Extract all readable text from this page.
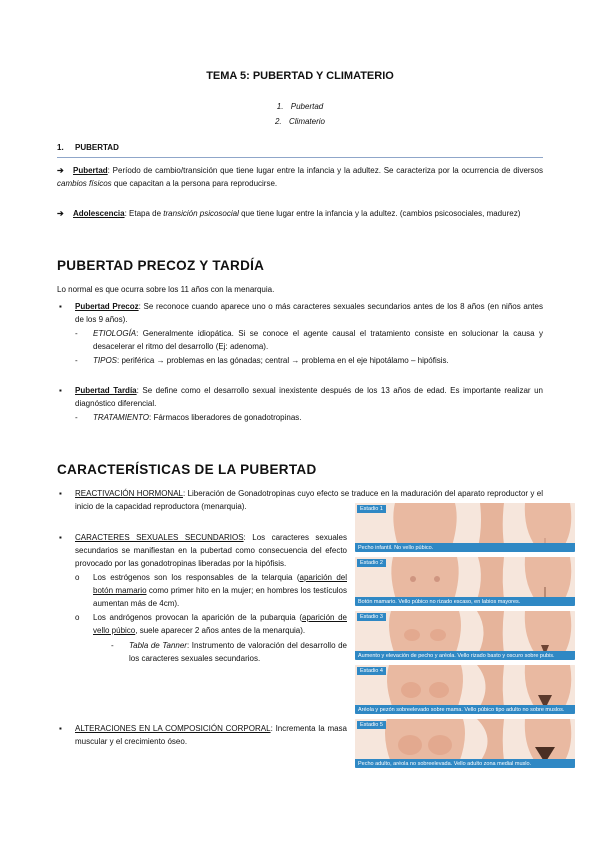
TEMA 5: PUBERTAD Y CLIMATERIO
1. Pubertad
2. Climaterio
1. PUBERTAD
➔ Pubertad: Período de cambio/transición que tiene lugar entre la infancia y la adultez. Se caracteriza por la ocurrencia de diversos cambios físicos que capacitan a la persona para reproducirse.
➔ Adolescencia: Etapa de transición psicosocial que tiene lugar entre la infancia y la adultez. (cambios psicosociales, madurez)
PUBERTAD PRECOZ Y TARDÍA
Lo normal es que ocurra sobre los 11 años con la menarquia.
▪ Pubertad Precoz: Se reconoce cuando aparece uno o más caracteres sexuales secundarios antes de los 8 años (en niños antes de los 9 años).
- ETIOLOGÍA: Generalmente idiopática. Si se conoce el agente causal el tratamiento consiste en solucionar la causa y desacelerar el ritmo del desarrollo (Ej: adenoma).
- TIPOS: periférica → problemas en las gónadas; central → problema en el eje hipotálamo – hipófisis.
▪ Pubertad Tardía: Se define como el desarrollo sexual inexistente después de los 13 años de edad. Es importante realizar un diagnóstico diferencial.
- TRATAMIENTO: Fármacos liberadores de gonadotropinas.
CARACTERÍSTICAS DE LA PUBERTAD
▪ REACTIVACIÓN HORMONAL: Liberación de Gonadotropinas cuyo efecto se traduce en la maduración del aparato reproductor y el inicio de la capacidad reproductora (menarquia).
▪ CARACTERES SEXUALES SECUNDARIOS: Los caracteres sexuales secundarios se manifiestan en la pubertad como consecuencia del efecto provocado por las gonadotropinas liberadas por la hipófisis.
o Los estrógenos son los responsables de la telarquia (aparición del botón mamario como primer hito en la mujer; en hombres los testículos aumentan más de 4cm).
o Los andrógenos provocan la aparición de la pubarquia (aparición de vello púbico, suele aparecer 2 años antes de la menarquia).
- Tabla de Tanner: Instrumento de valoración del desarrollo de los caracteres sexuales secundarios.
▪ ALTERACIONES EN LA COMPOSICIÓN CORPORAL: Incrementa la masa muscular y el crecimiento óseo.
Estadio 1
Pecho infantil. No vello púbico.
Estadio 2
Botón mamario. Vello púbico no rizado escaso, en labios mayores.
Estadio 3
Aumento y elevación de pecho y aréola. Vello rizado basto y oscuro sobre pubis.
Estadio 4
Aréola y pezón sobreelevado sobre mama. Vello púbico tipo adulto no sobre muslos.
Estadio 5
Pecho adulto, aréola no sobreelevada. Vello adulto zona medial muslo.
